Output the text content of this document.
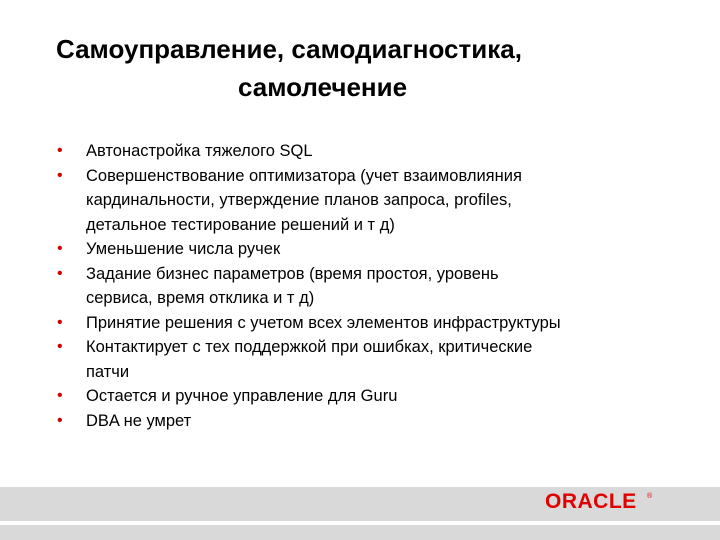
Самоуправление, самодиагностика,
самолечение
• Автонастройка тяжелого SQL
• Совершенствование оптимизатора (учет взаимовлияния
кардинальности, утверждение планов запроса, profiles,
детальное тестирование решений и т д)
• Уменьшение числа ручек
• Задание бизнес параметров (время простоя, уровень
сервиса, время отклика и т д)
• Принятие решения с учетом всех элементов инфраструктуры
• Контактирует с тех поддержкой при ошибках, критические
патчи
• Остается и ручное управление для Guru
• DBA не умрет
ORACLE	®
